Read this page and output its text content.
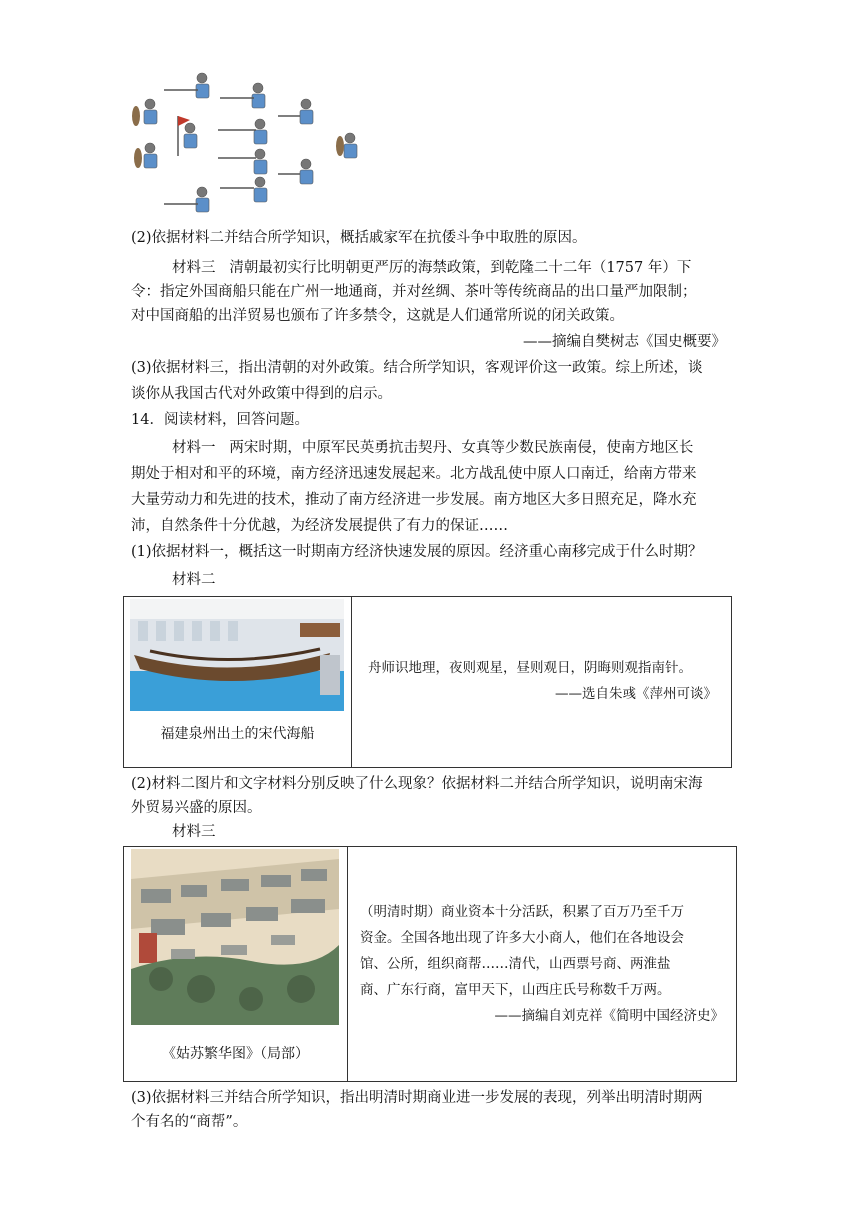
(2)依据材料二并结合所学知识，概括戚家军在抗倭斗争中取胜的原因。
材料三 清朝最初实行比明朝更严厉的海禁政策，到乾隆二十二年（1757 年）下
令：指定外国商船只能在广州一地通商，并对丝绸、茶叶等传统商品的出口量严加限制；
对中国商船的出洋贸易也颁布了许多禁令，这就是人们通常所说的闭关政策。
——摘编自樊树志《国史概要》
(3)依据材料三，指出清朝的对外政策。结合所学知识，客观评价这一政策。综上所述，谈
谈你从我国古代对外政策中得到的启示。
14．阅读材料，回答问题。
材料一 两宋时期，中原军民英勇抗击契丹、女真等少数民族南侵，使南方地区长
期处于相对和平的环境，南方经济迅速发展起来。北方战乱使中原人口南迁，给南方带来
大量劳动力和先进的技术，推动了南方经济进一步发展。南方地区大多日照充足，降水充
沛，自然条件十分优越，为经济发展提供了有力的保证……
(1)依据材料一，概括这一时期南方经济快速发展的原因。经济重心南移完成于什么时期？
材料二
福建泉州出土的宋代海船

舟师识地理，夜则观星，昼则观日，阴晦则观指南针。
——选自朱彧《萍州可谈》
(2)材料二图片和文字材料分别反映了什么现象？依据材料二并结合所学知识，说明南宋海
外贸易兴盛的原因。
材料三
《姑苏繁华图》（局部）

（明清时期）商业资本十分活跃，积累了百万乃至千万
资金。全国各地出现了许多大小商人，他们在各地设会
馆、公所，组织商帮……清代，山西票号商、两淮盐
商、广东行商，富甲天下，山西庄氏号称数千万两。
——摘编自刘克祥《简明中国经济史》
(3)依据材料三并结合所学知识，指出明清时期商业进一步发展的表现，列举出明清时期两
个有名的“商帮”。
